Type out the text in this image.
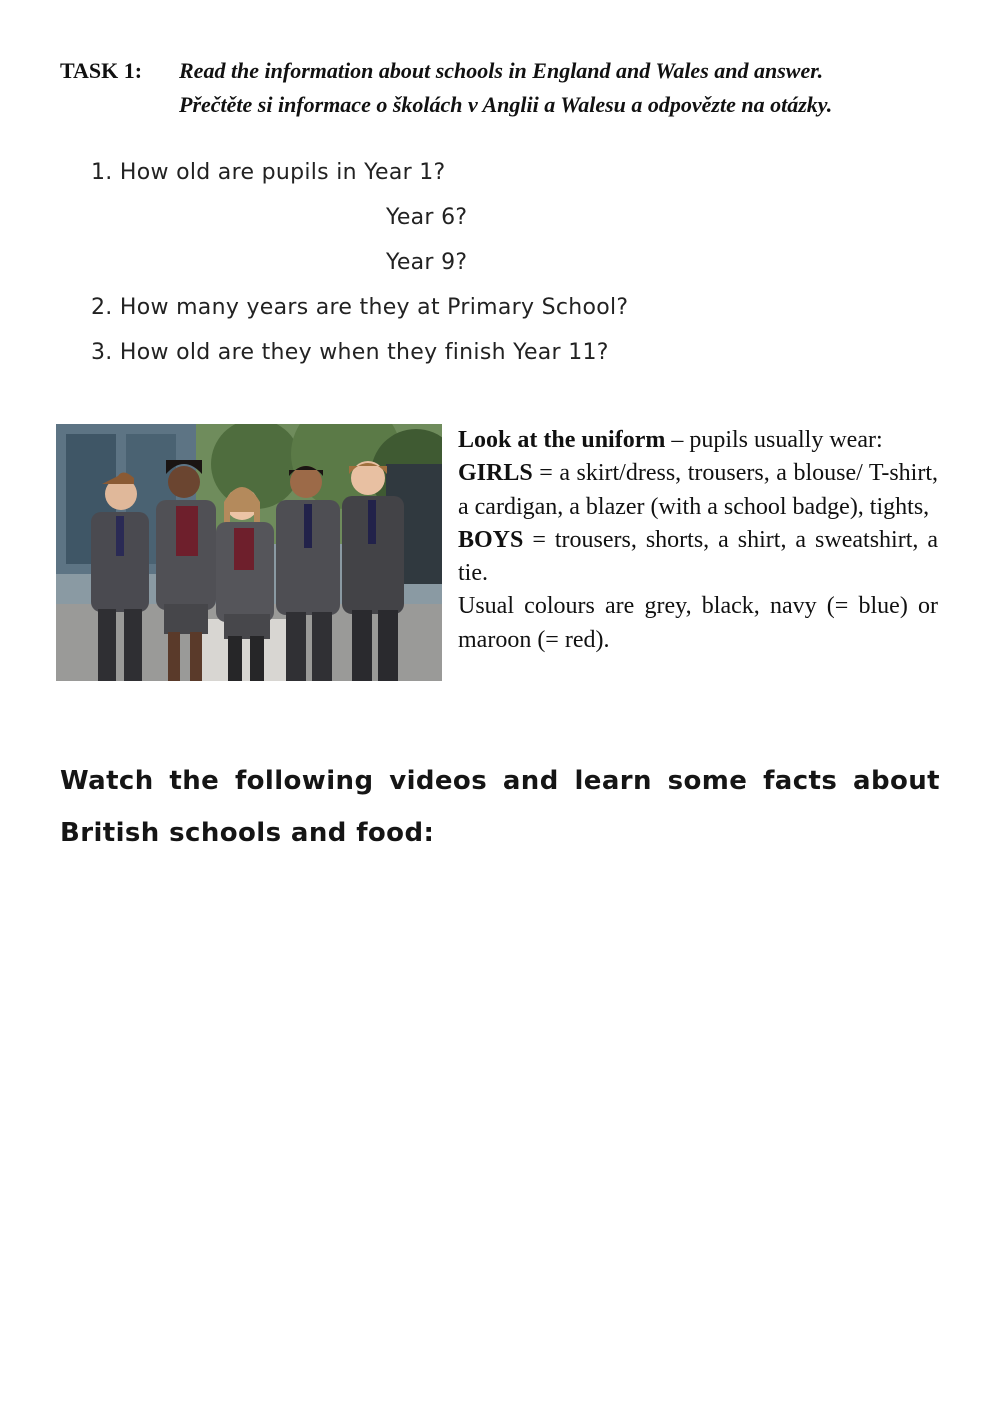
TASK 1: Read the information about schools in England and Wales and answer.
Přečtěte si informace o školách v Anglii a Walesu a odpovězte na otázky.
1. How old are pupils in Year 1?
Year 6?
Year 9?
2. How many years are they at Primary School?
3. How old are they when they finish Year 11?

Look at the uniform – pupils usually wear:

GIRLS = a skirt/dress, trousers, a blouse/ T-shirt, a cardigan, a blazer (with a school badge), tights,

BOYS = trousers, shorts, a shirt, a sweatshirt, a tie.

Usual colours are grey, black, navy (= blue) or maroon (= red).

Watch the following videos and learn some facts about British schools and food:
